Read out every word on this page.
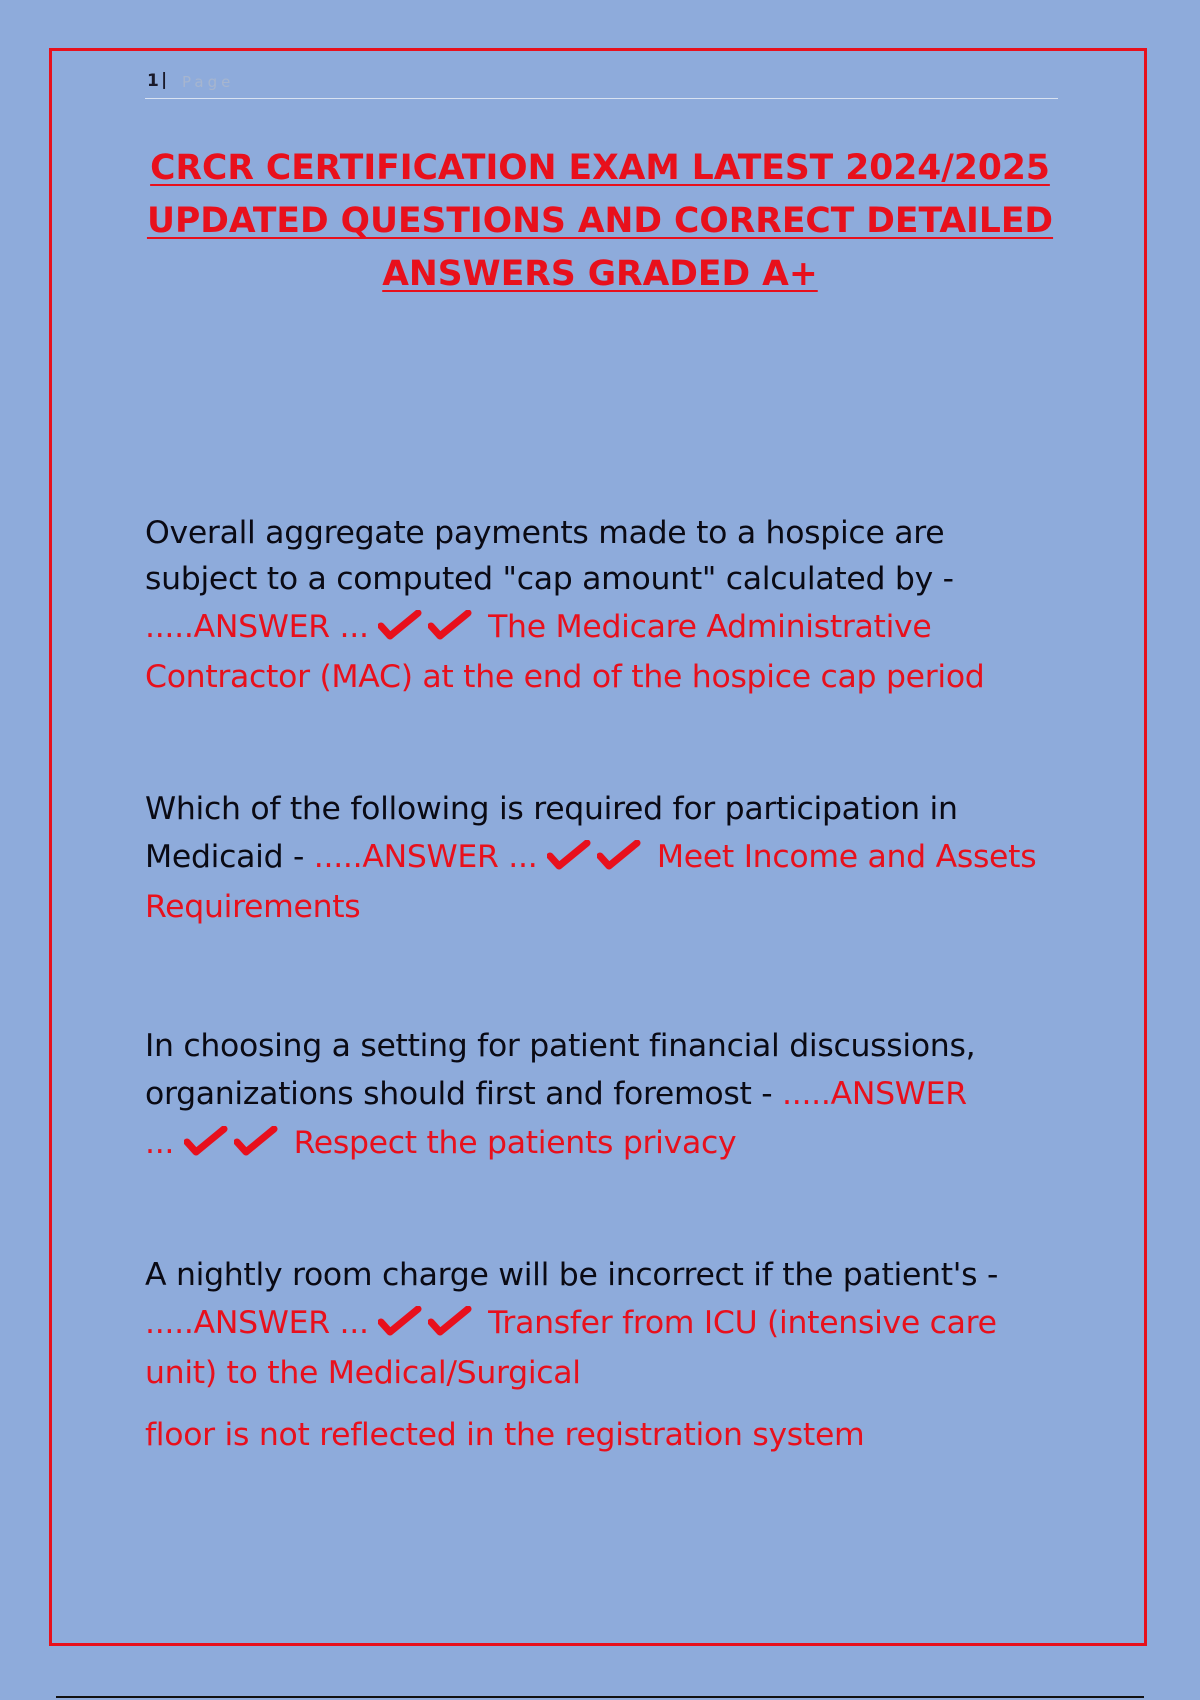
1 | Page
CRCR CERTIFICATION EXAM LATEST 2024/2025 UPDATED QUESTIONS AND CORRECT DETAILED ANSWERS GRADED A+
Overall aggregate payments made to a hospice are subject to a computed "cap amount" calculated by -
.....ANSWER ...	The Medicare Administrative Contractor (MAC) at the end of the hospice cap period
Which of the following is required for participation in Medicaid - .....ANSWER ...	Meet Income and Assets Requirements
In choosing a setting for patient financial discussions, organizations should first and foremost - .....ANSWER
...	Respect the patients privacy
A nightly room charge will be incorrect if the patient's -
.....ANSWER ...	Transfer from ICU (intensive care unit) to the Medical/Surgical
floor is not reflected in the registration system
